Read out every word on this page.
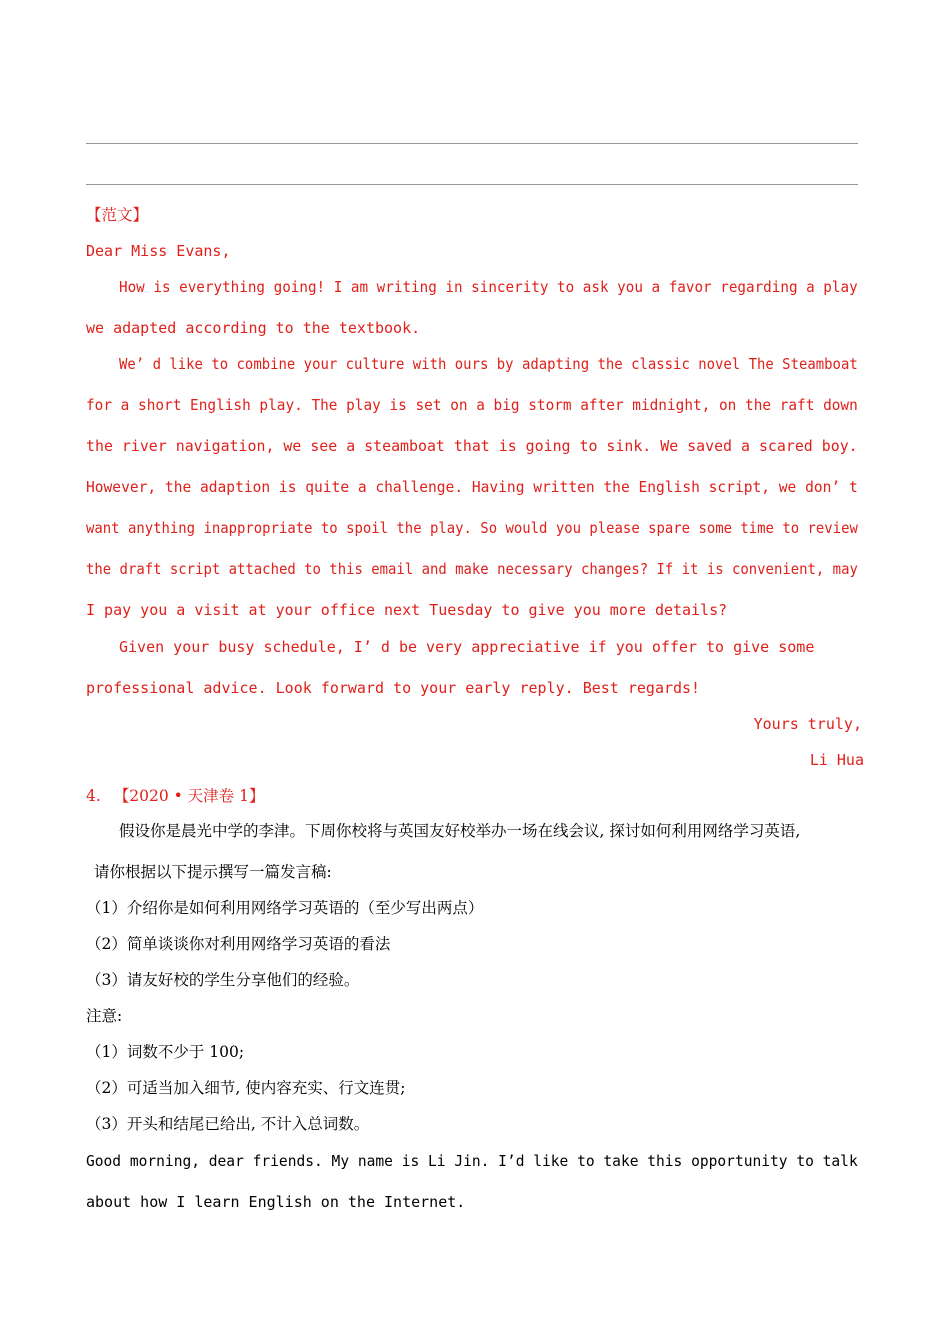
【范文】
Dear Miss Evans,
How is everything going! I am writing in sincerity to ask you a favor regarding a play
we adapted according to the textbook.
We’ d like to combine your culture with ours by adapting the classic novel The Steamboat
for a short English play. The play is set on a big storm after midnight, on the raft down
the river navigation, we see a steamboat that is going to sink. We saved a scared boy.
However, the adaption is quite a challenge. Having written the English script, we don’ t
want anything inappropriate to spoil the play. So would you please spare some time to review
the draft script attached to this email and make necessary changes? If it is convenient, may
I pay you a visit at your office next Tuesday to give you more details?
Given your busy schedule, I’ d be very appreciative if you offer to give some
professional advice. Look forward to your early reply. Best regards!
Yours truly,
Li Hua
4. 【2020 • 天津卷 1】
假设你是晨光中学的李津。下周你校将与英国友好校举办一场在线会议, 探讨如何利用网络学习英语,
请你根据以下提示撰写一篇发言稿:
（1）介绍你是如何利用网络学习英语的（至少写出两点）
（2）简单谈谈你对利用网络学习英语的看法
（3）请友好校的学生分享他们的经验。
注意:
（1）词数不少于 100;
（2）可适当加入细节, 使内容充实、行文连贯;
（3）开头和结尾已给出, 不计入总词数。
Good morning, dear friends. My name is Li Jin. I’d like to take this opportunity to talk
about how I learn English on the Internet.
